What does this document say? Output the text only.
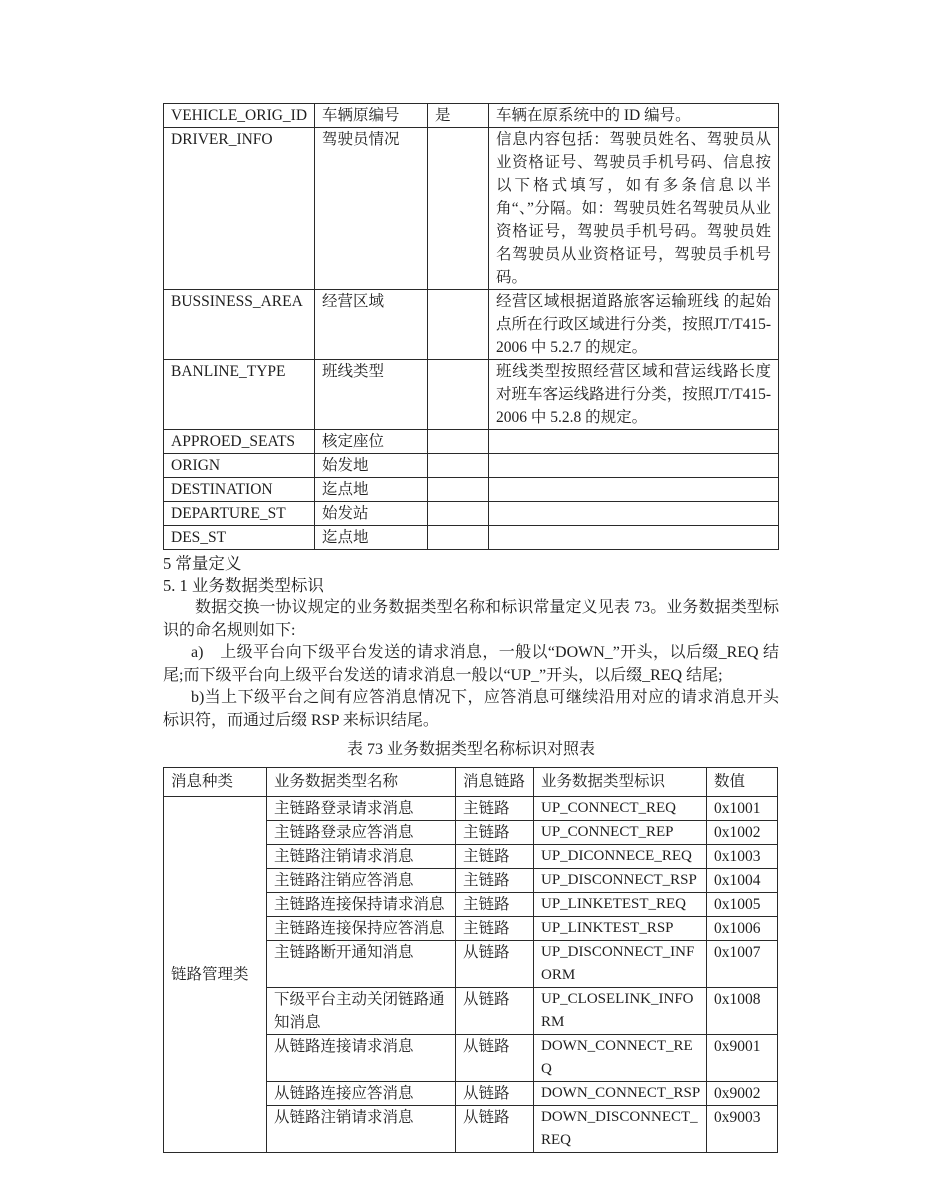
VEHICLE_ORIG_ID	车辆原编号	是	车辆在原系统中的 ID 编号。
DRIVER_INFO	驾驶员情况		信息内容包括：驾驶员姓名、驾驶员从业资格证号、驾驶员手机号码、信息按以下格式填写，如有多条信息以半角“、”分隔。如：驾驶员姓名驾驶员从业资格证号，驾驶员手机号码。驾驶员姓名驾驶员从业资格证号，驾驶员手机号码。
BUSSINESS_AREA	经营区域		经营区域根据道路旅客运输班线 的起始点所在行政区域进行分类，按照JT/T415-2006 中 5.2.7 的规定。
BANLINE_TYPE	班线类型		班线类型按照经营区域和营运线路长度对班车客运线路进行分类，按照JT/T415-2006 中 5.2.8 的规定。
APPROED_SEATS	核定座位		
ORIGN	始发地		
DESTINATION	迄点地		
DEPARTURE_ST	始发站		
DES_ST	迄点地		

5 常量定义

5. 1 业务数据类型标识

数据交换一协议规定的业务数据类型名称和标识常量定义见表 73。业务数据类型标识的命名规则如下:

a)　上级平台向下级平台发送的请求消息，一般以“DOWN_”开头，以后缀_REQ 结尾;而下级平台向上级平台发送的请求消息一般以“UP_”开头，以后缀_REQ 结尾;

b)当上下级平台之间有应答消息情况下，应答消息可继续沿用对应的请求消息开头标识符，而通过后缀 RSP 来标识结尾。

表 73 业务数据类型名称标识对照表

消息种类	业务数据类型名称	消息链路	业务数据类型标识	数值
链路管理类	主链路登录请求消息	主链路	UP_CONNECT_REQ	0x1001
	主链路登录应答消息	主链路	UP_CONNECT_REP	0x1002
	主链路注销请求消息	主链路	UP_DICONNECE_REQ	0x1003
	主链路注销应答消息	主链路	UP_DISCONNECT_RSP	0x1004
	主链路连接保持请求消息	主链路	UP_LINKETEST_REQ	0x1005
	主链路连接保持应答消息	主链路	UP_LINKTEST_RSP	0x1006
	主链路断开通知消息	从链路	UP_DISCONNECT_INFORM	0x1007
	下级平台主动关闭链路通知消息	从链路	UP_CLOSELINK_INFORM	0x1008
	从链路连接请求消息	从链路	DOWN_CONNECT_REQ	0x9001
	从链路连接应答消息	从链路	DOWN_CONNECT_RSP	0x9002
	从链路注销请求消息	从链路	DOWN_DISCONNECT_REQ	0x9003
